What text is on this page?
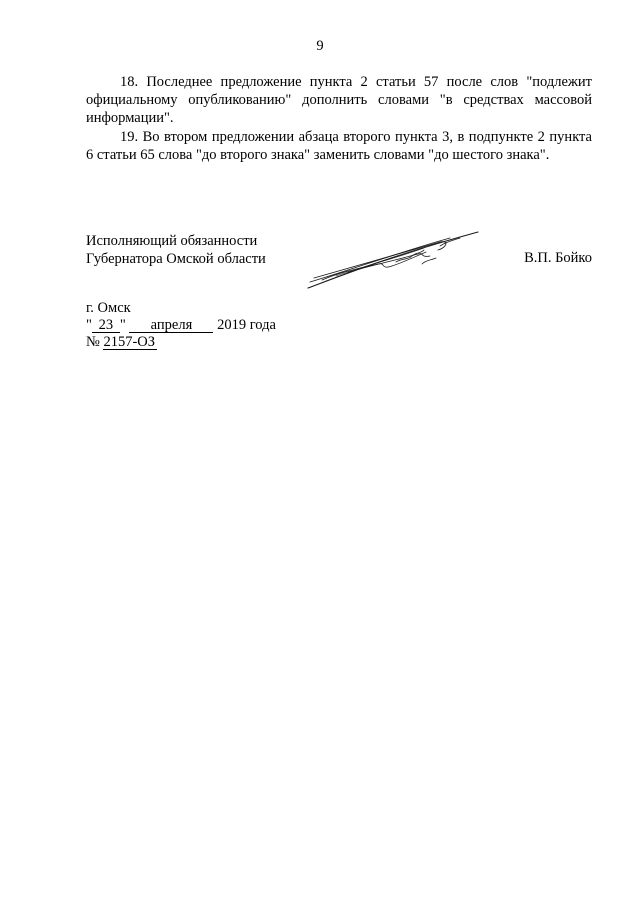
9

18. Последнее предложение пункта 2 статьи 57 после слов "подлежит официальному опубликованию" дополнить словами "в средствах массовой информации".

19. Во втором предложении абзаца второго пункта 3, в подпункте 2 пункта 6 статьи 65 слова "до второго знака" заменить словами "до шестого знака".

Исполняющий обязанности
Губернатора Омской области	В.П. Бойко
г. Омск
" 23 " апреля 2019 года
№ 2157-ОЗ
